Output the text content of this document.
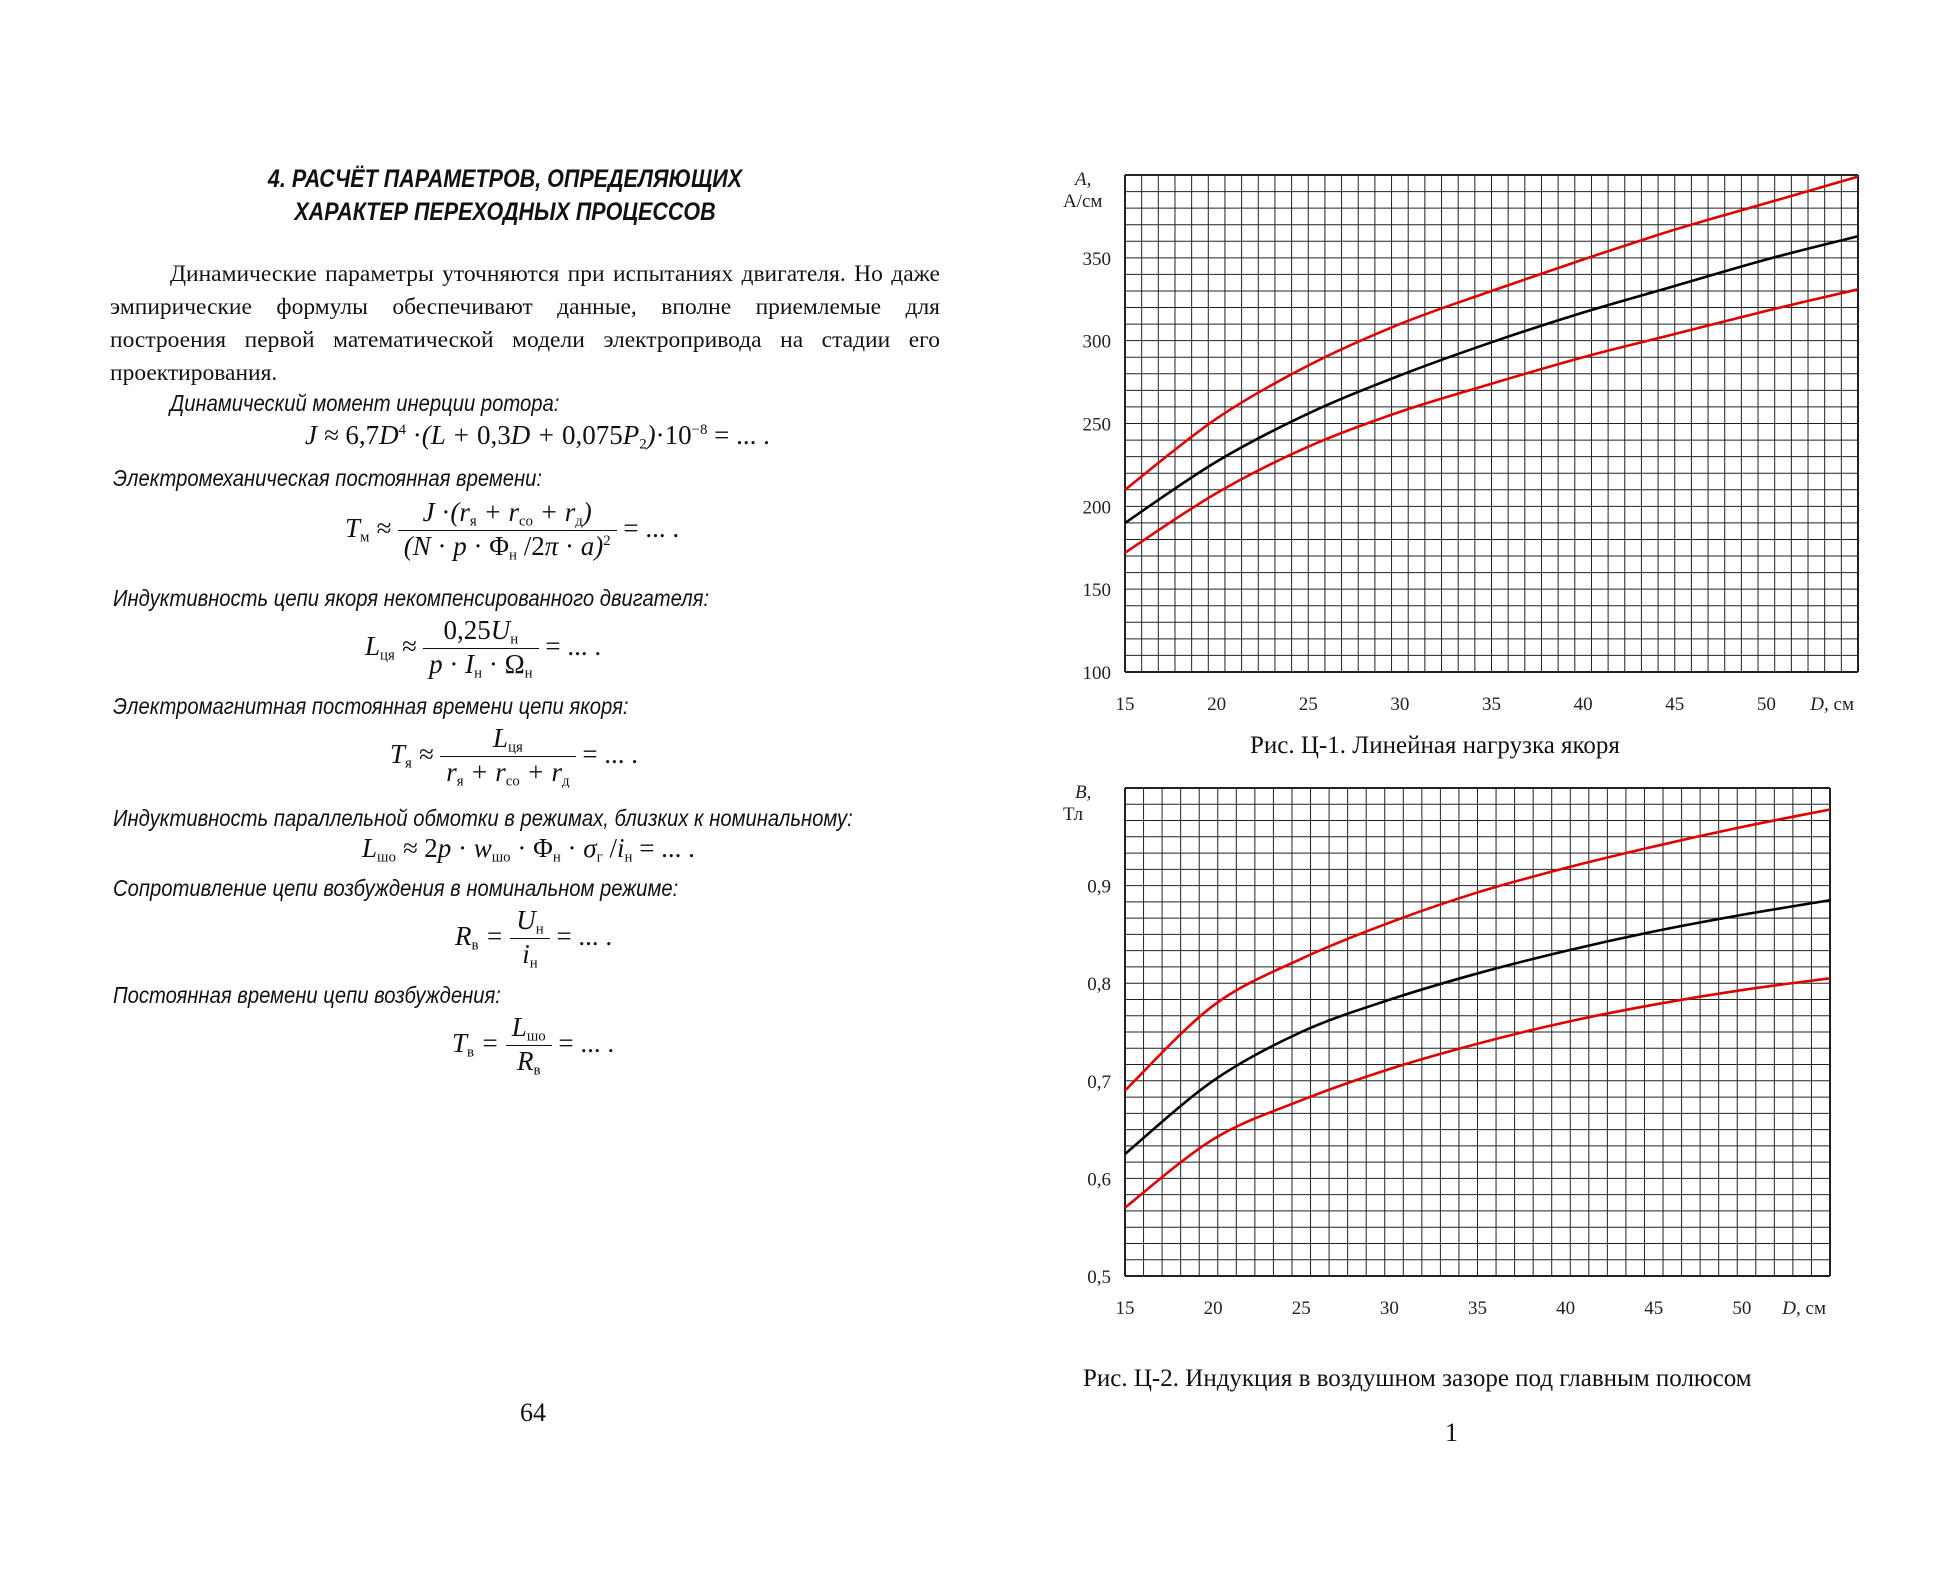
4. РАСЧЁТ ПАРАМЕТРОВ, ОПРЕДЕЛЯЮЩИХ
ХАРАКТЕР ПЕРЕХОДНЫХ ПРОЦЕССОВ
Динамические параметры уточняются при испытаниях двигателя. Но даже эмпирические формулы обеспечивают данные, вполне приемлемые для построения первой математической модели электропривода на стадии его проектирования.
Динамический момент инерции ротора:
$J \approx 6,7D^4 \cdot(L + 0,3D + 0,075P_2)\cdot 10^{-8}$ = ... .
Электромеханическая постоянная времени:
$T_м \approx \frac{J \cdot(r_я + r_{со} + r_д)}{(N \cdot p \cdot \Phi_н /2\pi \cdot a)^2}$ = ... .
Индуктивность цепи якоря некомпенсированного двигателя:
$L_{ця} \approx \frac{0,25U_н}{p \cdot I_н \cdot \Omega_н}$ = ... .
Электромагнитная постоянная времени цепи якоря:
$T_я \approx \frac{L_{ця}}{r_я + r_{со} + r_д}$ = ... .
Индуктивность параллельной обмотки в режимах, близких к номинальному:
$L_{шо} \approx 2p \cdot w_{шо} \cdot \Phi_н \cdot \sigma_г$ $/i_н$ = ... .
Сопротивление цепи возбуждения в номинальном режиме:
$R_в = \frac{U_н}{i_н}$ = ... .
Постоянная времени цепи возбуждения:
$T_в = \frac{L_{шо}}{R_в}$ = ... .
64
15	20	25	30	35	40	45	50
100
150
200
250
300
350
A,
А/см
D, см
Рис. Ц-1. Линейная нагрузка якоря
15	20	25	30	35	40	45	50
0,5
0,6
0,7
0,8
0,9
B,
Тл
D, см
Рис. Ц-2. Индукция в воздушном зазоре под главным полюсом
1
